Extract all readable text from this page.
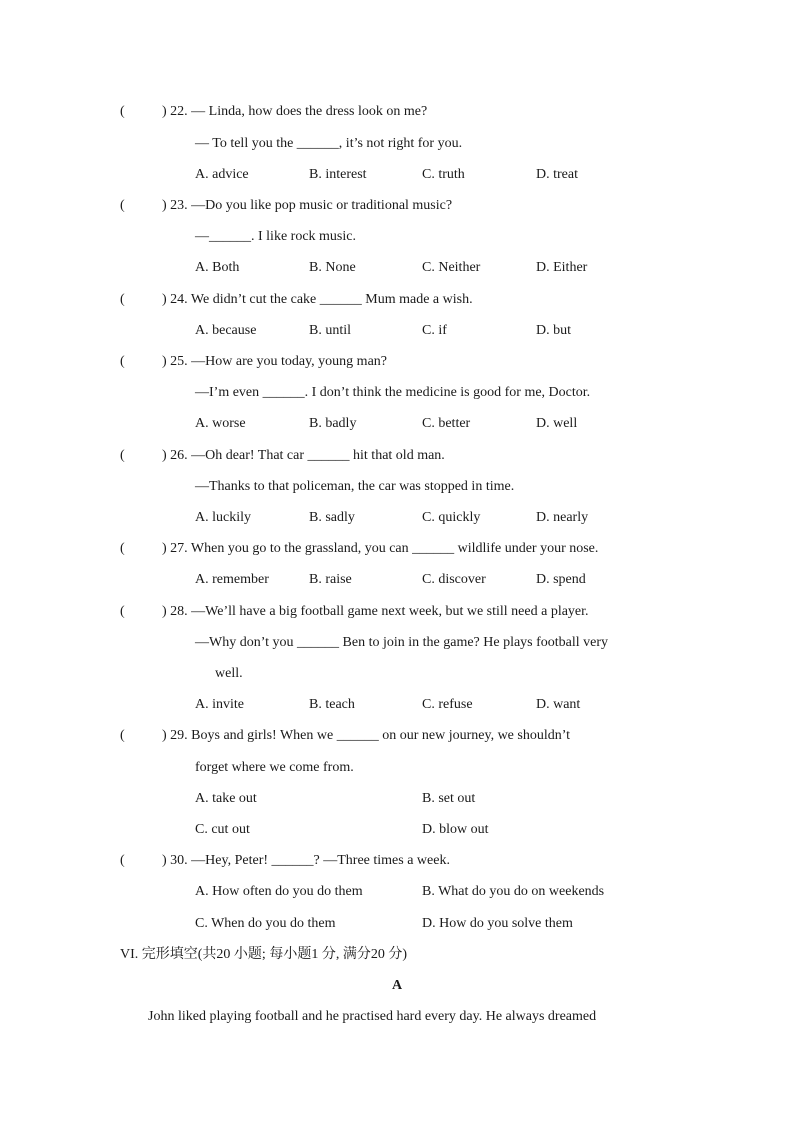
(	) 22. — Linda, how does the dress look on me?
— To tell you the ______, it’s not right for you.
A. advice	B. interest	C. truth	D. treat
(	) 23. —Do you like pop music or traditional music?
—______. I like rock music.
A. Both	B. None	C. Neither	D. Either
(	) 24. We didn’t cut the cake ______ Mum made a wish.
A. because	B. until	C. if	D. but
(	) 25. —How are you today, young man?
—I’m even ______. I don’t think the medicine is good for me, Doctor.
A. worse	B. badly	C. better	D. well
(	) 26. —Oh dear! That car ______ hit that old man.
—Thanks to that policeman, the car was stopped in time.
A. luckily	B. sadly	C. quickly	D. nearly
(	) 27. When you go to the grassland, you can ______ wildlife under your nose.
A. remember	B. raise	C. discover	D. spend
(	) 28. —We’ll have a big football game next week, but we still need a player.
—Why don’t you ______ Ben to join in the game? He plays football very
well.
A. invite	B. teach	C. refuse	D. want
(	) 29. Boys and girls! When we ______ on our new journey, we shouldn’t
forget where we come from.
A. take out	B. set out
C. cut out	D. blow out
(	) 30. —Hey, Peter! ______? —Three times a week.
A. How often do you do them	B. What do you do on weekends
C. When do you do them	D. How do you solve them
VI. 完形填空(共20 小题; 每小题1 分, 满分20 分)
A
John liked playing football and he practised hard every day. He always dreamed
